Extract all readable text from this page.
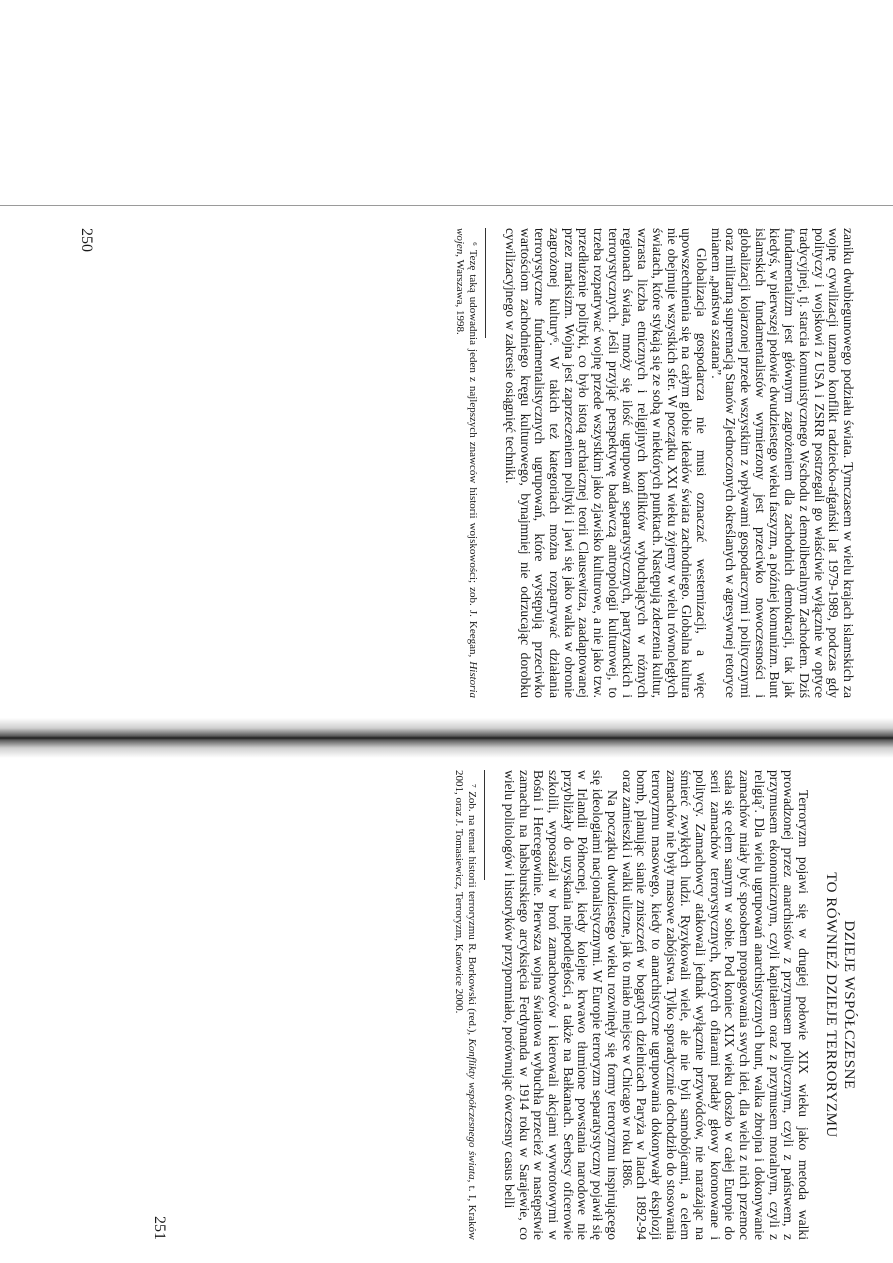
zaniku dwubiegunowego podziału świata. Tymczasem w wielu krajach islamskich za wojnę cywilizacji uznano konflikt radziecko-afgański lat 1979-1989, podczas gdy polityczy i wojskowi z USA i ZSRR postrzegali go właściwie wyłącznie w optyce tradycyjnej, tj. starcia komunistycznego Wschodu z demoliberalnym Zachodem. Dziś fundamentalizm jest głównym zagrożeniem dla zachodnich demokracji, tak jak kiedyś, w pierwszej połowie dwudziestego wieku faszyzm, a później komunizm. Bunt islamskich fundamentalistów wymierzony jest przeciwko nowoczesności i globalizacji kojarzonej przede wszystkim z wpływami gospodarczymi i politycznymi oraz militarną supremacją Stanów Zjednoczonych określanych w agresywnej retoryce mianem „państwa szatana”.

Globalizacja gospodarcza nie musi oznaczać westernizacji, a więc upowszechnienia się na całym globie ideałów świata zachodniego. Globalna kultura nie obejmuje wszystkich sfer. W początku XXI wieku żyjemy w wielu równoległych światach, które stykają się ze sobą w niektórych punktach. Następują zderzenia kultur, wzrasta liczba etnicznych i religijnych konfliktów wybuchających w różnych regionach świata, mnoży się ilość ugrupowań separatystycznych, partyzanckich i terrorystycznych. Jeśli przyjąć perspektywę badawczą antropologii kulturowej, to trzeba rozpatrywać wojnę przede wszystkim jako zjawisko kulturowe, a nie jako tzw. przedłużenie polityki, co było istotą archaicznej teorii Clausewitza, zaadaptowanej przez marksizm. Wojna jest zaprzeczeniem polityki i jawi się jako walka w obronie zagrożonej kultury⁶. W takich też kategoriach można rozpatrywać działania terrorystyczne fundamentalistycznych ugrupowań, które występują przeciwko wartościom zachodniego kręgu kulturowego, bynajmniej nie odrzucając dorobku cywilizacyjnego w zakresie osiągnięć techniki.

⁶ Tezę taką udowadnia jeden z najlepszych znawców historii wojskowości; zob. J. Keegan, Historia wojen, Warszawa, 1998.

250
DZIEJE WSPÓŁCZESNE
TO RÓWNIEŻ DZIEJE TERRORYZMU

Terroryzm pojawi się w drugiej połowie XIX wieku jako metoda walki prowadzonej przez anarchistów z przymusem politycznym, czyli z państwem, z przymusem ekonomicznym, czyli kapitałem oraz z przymusem moralnym, czyli z religią⁷. Dla wielu ugrupowań anarchistycznych bunt, walka zbrojna i dokonywanie zamachów miały być sposobem propagowania swych idei, dla wielu z nich przemoc stała się celem samym w sobie. Pod koniec XIX wieku doszło w całej Europie do serii zamachów terrorystycznych, których ofiarami padały głowy koronowane i politycy. Zamachowcy atakowali jednak wyłącznie przywódców, nie narażając na śmierć zwykłych ludzi. Ryzykowali wiele, ale nie byli samobójcami, a celem zamachów nie były masowe zabójstwa. Tylko sporadycznie dochodziło do stosowania terroryzmu masowego, kiedy to anarchistyczne ugrupowania dokonywały eksplozji bomb, planując sianie zniszczeń w bogatych dzielnicach Paryża w latach 1892-94 oraz zamieszki i walki uliczne, jak to miało miejsce w Chicago w roku 1886.

Na początku dwudziestego wieku rozwinęły się formy terroryzmu inspirującego się ideologiami nacjonalistycznymi. W Europie terroryzm separatystyczny pojawił się w Irlandii Północnej, kiedy kolejne krwawo tłumione powstania narodowe nie przybliżały do uzyskania niepodległości, a także na Bałkanach. Serbscy oficerowie szkolili, wyposażali w broń zamachowców i kierowali akcjami wywrotowymi w Bośni i Hercegowinie. Pierwsza wojna światowa wybuchła przecież w następstwie zamachu na habsburskiego arcyksięcia Ferdynanda w 1914 roku w Sarajewie, co wielu politologów i historyków przypomniało, porównując ówczesny casus belli

⁷ Zob. na temat historii terroryzmu R. Borkowski (red.), Konflikty współczesnego świata, t. I, Kraków 2001, oraz J. Tomasiewicz, Terroryzm, Katowice 2000.

251
